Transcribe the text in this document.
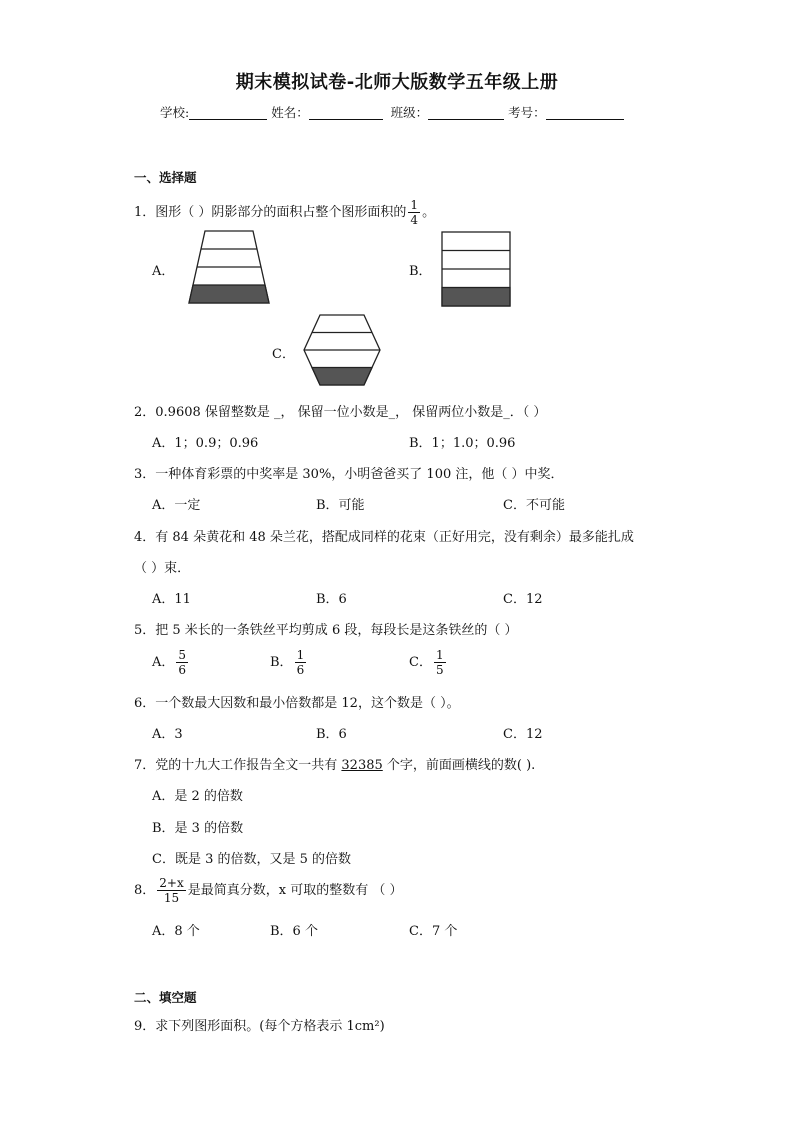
期末模拟试卷-北师大版数学五年级上册
学校:	姓名：	班级：	考号：
一、选择题
1．图形（ ）阴影部分的面积占整个图形面积的 $\frac{1}{4}$ 。
A．	B．
C．
2．0.9608 保留整数是 _， 保留一位小数是_， 保留两位小数是_．（ ）
A．1；0.9；0.96	B．1；1.0；0.96
3．一种体育彩票的中奖率是 30%，小明爸爸买了 100 注，他（ ）中奖．
A．一定	B．可能	C．不可能
4．有 84 朵黄花和 48 朵兰花，搭配成同样的花束（正好用完，没有剩余）最多能扎成
（ ）束．
A．11	B．6	C．12
5．把 5 米长的一条铁丝平均剪成 6 段，每段长是这条铁丝的（ ）
A． $\frac{5}{6}$	B． $\frac{1}{6}$	C． $\frac{1}{5}$
6．一个数最大因数和最小倍数都是 12，这个数是（ ）。
A．3	B．6	C．12
7．党的十九大工作报告全文一共有 32385 个字，前面画横线的数( ).
A．是 2 的倍数
B．是 3 的倍数
C．既是 3 的倍数，又是 5 的倍数
8． $\frac{2+x}{15}$ 是最简真分数，x 可取的整数有 （ ）
A．8 个	B．6 个	C．7 个
二、填空题
9．求下列图形面积。(每个方格表示 1cm²)
